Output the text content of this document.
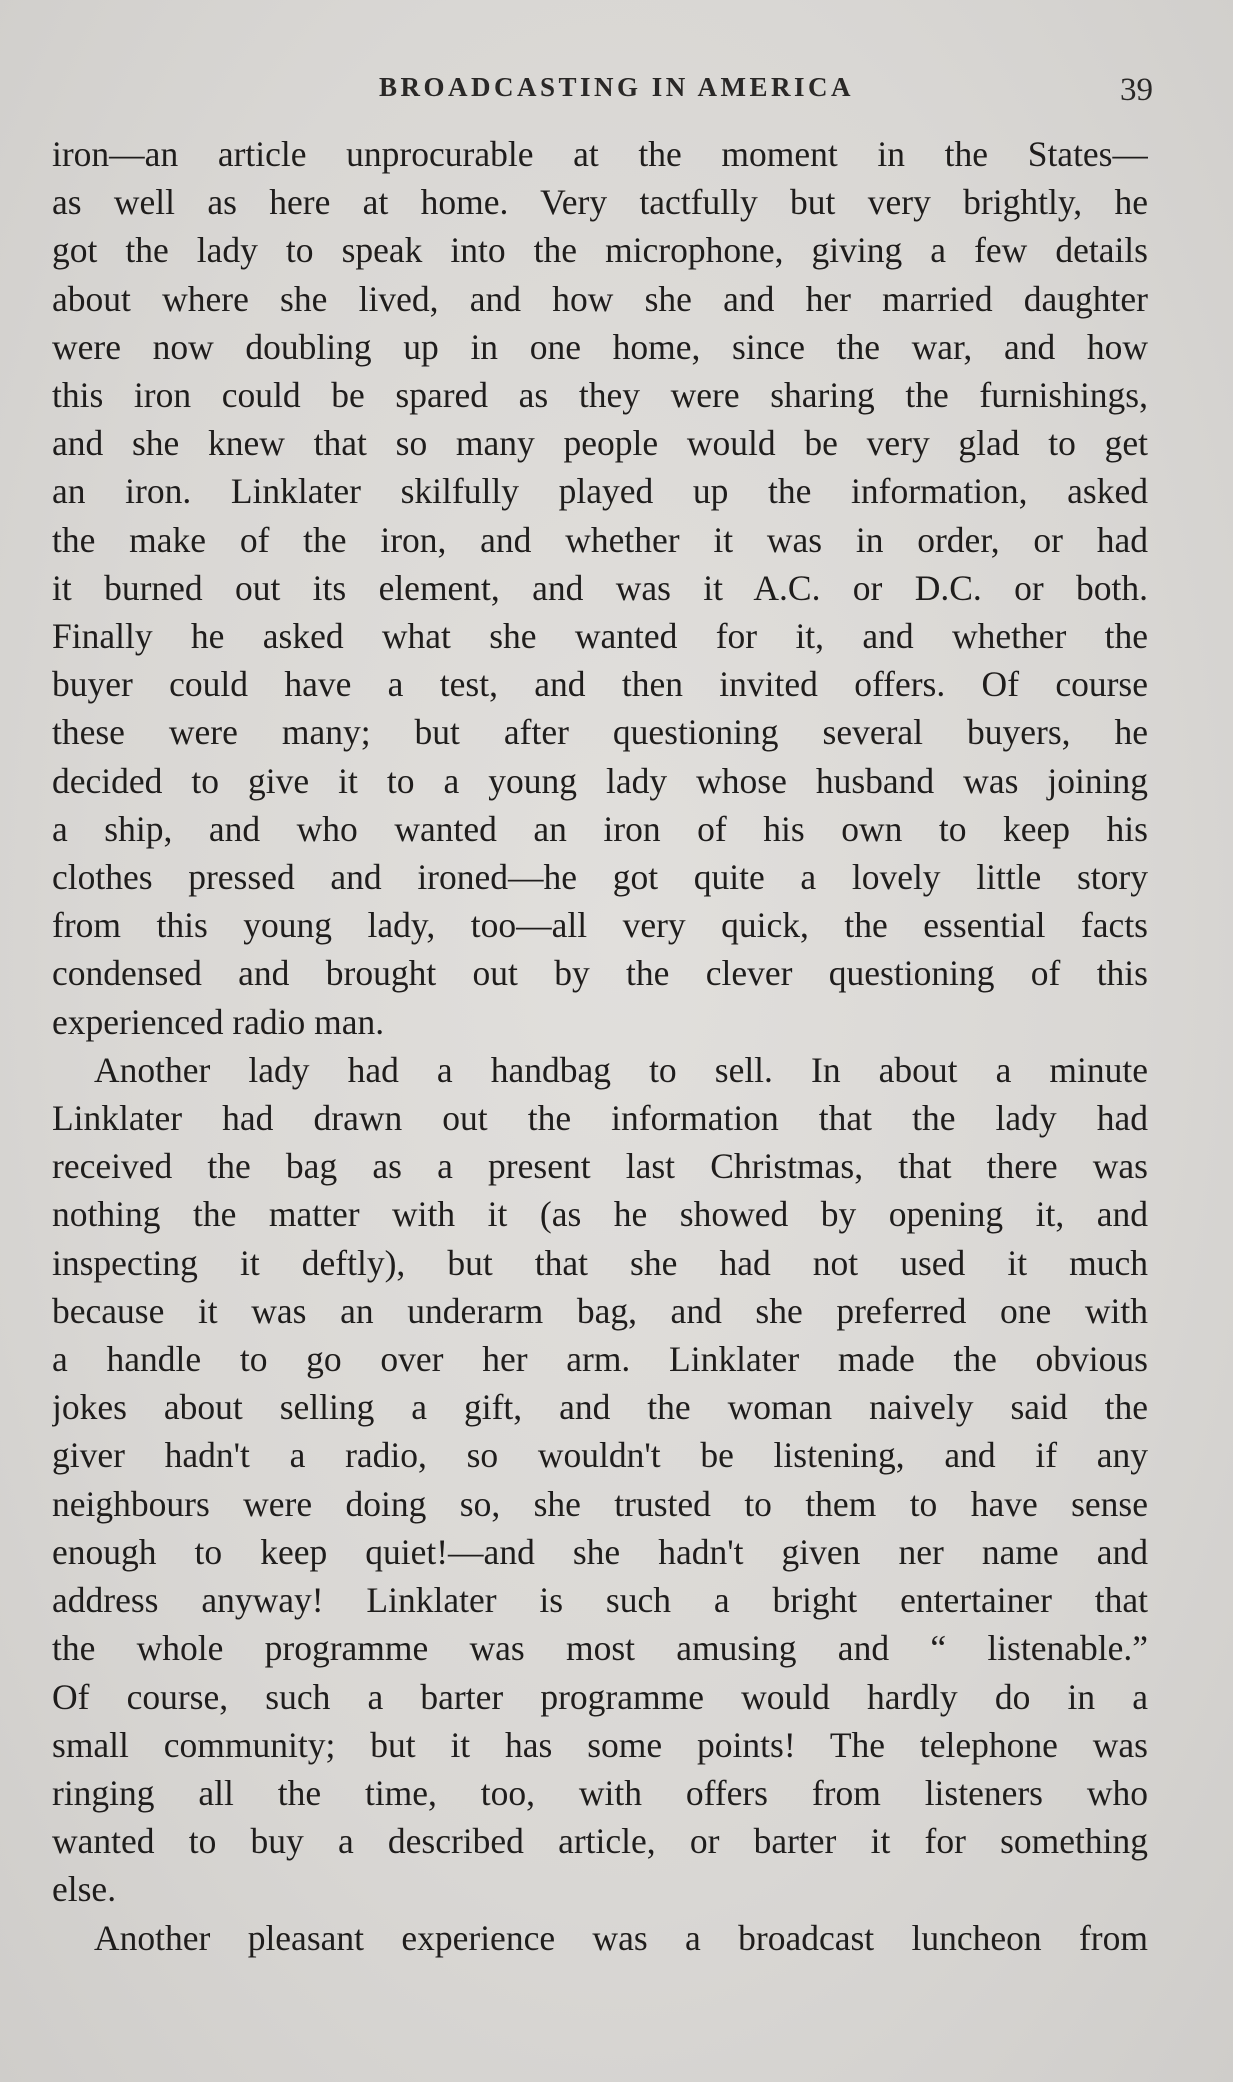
BROADCASTING IN AMERICA	39
iron—an article unprocurable at the moment in the States—
as well as here at home. Very tactfully but very brightly, he
got the lady to speak into the microphone, giving a few details
about where she lived, and how she and her married daughter
were now doubling up in one home, since the war, and how
this iron could be spared as they were sharing the furnishings,
and she knew that so many people would be very glad to get
an iron. Linklater skilfully played up the information, asked
the make of the iron, and whether it was in order, or had
it burned out its element, and was it A.C. or D.C. or both.
Finally he asked what she wanted for it, and whether the
buyer could have a test, and then invited offers. Of course
these were many; but after questioning several buyers, he
decided to give it to a young lady whose husband was joining
a ship, and who wanted an iron of his own to keep his
clothes pressed and ironed—he got quite a lovely little story
from this young lady, too—all very quick, the essential facts
condensed and brought out by the clever questioning of this
experienced radio man.
Another lady had a handbag to sell. In about a minute
Linklater had drawn out the information that the lady had
received the bag as a present last Christmas, that there was
nothing the matter with it (as he showed by opening it, and
inspecting it deftly), but that she had not used it much
because it was an underarm bag, and she preferred one with
a handle to go over her arm. Linklater made the obvious
jokes about selling a gift, and the woman naively said the
giver hadn't a radio, so wouldn't be listening, and if any
neighbours were doing so, she trusted to them to have sense
enough to keep quiet!—and she hadn't given ner name and
address anyway! Linklater is such a bright entertainer that
the whole programme was most amusing and “ listenable.”
Of course, such a barter programme would hardly do in a
small community; but it has some points! The telephone was
ringing all the time, too, with offers from listeners who
wanted to buy a described article, or barter it for something
else.
Another pleasant experience was a broadcast luncheon from
